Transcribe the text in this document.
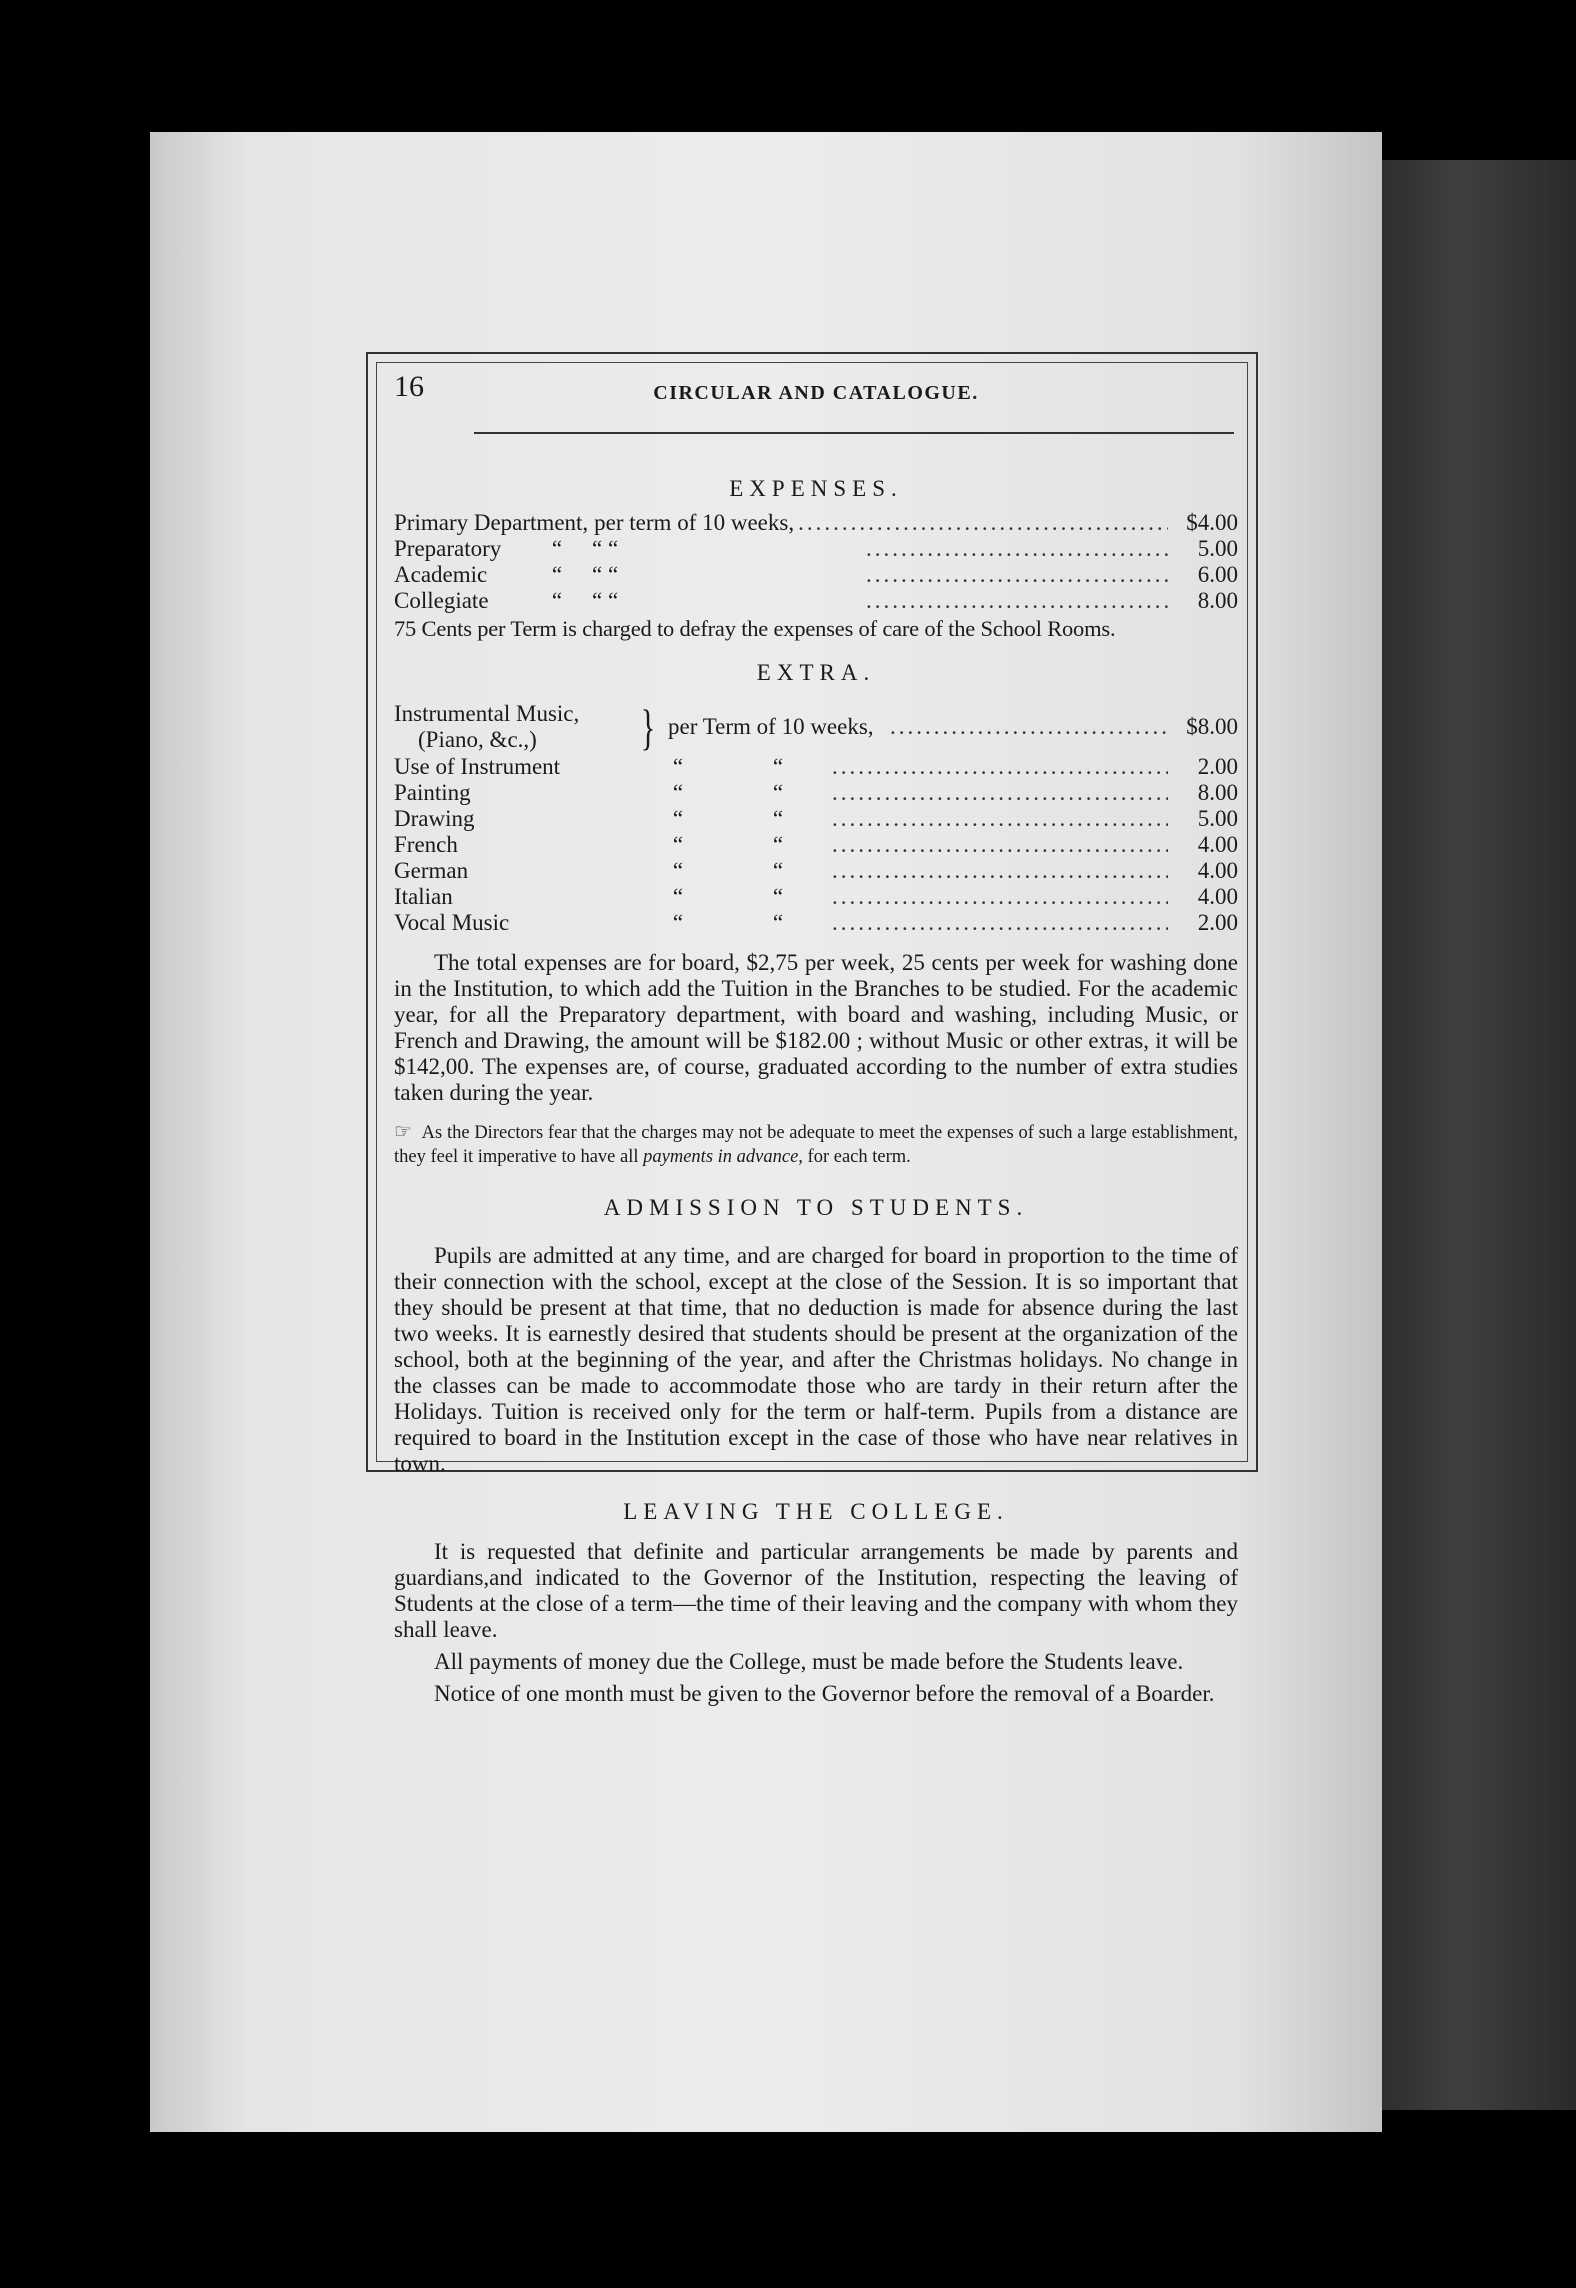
16	CIRCULAR AND CATALOGUE.
EXPENSES.
Primary Department, per term of 10 weeks, .....	$4.00
Preparatory	“	“ “ .....	5.00
Academic	“	“ “ .....	6.00
Collegiate	“	“ “ .....	8.00
75 Cents per Term is charged to defray the expenses of care of the School Rooms.
EXTRA.
Instrumental Music,
(Piano, &c.,)	} per Term of 10 weeks, .....	$8.00
Use of Instrument	“	“ .....	2.00
Painting	“	“ .....	8.00
Drawing	“	“ .....	5.00
French	“	“ .....	4.00
German	“	“ .....	4.00
Italian	“	“ .....	4.00
Vocal Music	“	“ .....	2.00

The total expenses are for board, $2,75 per week, 25 cents per week for washing done in the Institution, to which add the Tuition in the Branches to be studied. For the academic year, for all the Preparatory department, with board and washing, including Music, or French and Drawing, the amount will be $182.00 ; without Music or other extras, it will be $142,00. The expenses are, of course, graduated according to the number of extra studies taken during the year.

☞ As the Directors fear that the charges may not be adequate to meet the expenses of such a large establishment, they feel it imperative to have all payments in advance, for each term.
ADMISSION TO STUDENTS.

Pupils are admitted at any time, and are charged for board in proportion to the time of their connection with the school, except at the close of the Session. It is so important that they should be present at that time, that no deduction is made for absence during the last two weeks. It is earnestly desired that students should be present at the organization of the school, both at the beginning of the year, and after the Christmas holidays. No change in the classes can be made to accommodate those who are tardy in their return after the Holidays. Tuition is received only for the term or half-term. Pupils from a distance are required to board in the Institution except in the case of those who have near relatives in town.

LEAVING THE COLLEGE.

It is requested that definite and particular arrangements be made by parents and guardians,and indicated to the Governor of the Institution, respecting the leaving of Students at the close of a term—the time of their leaving and the company with whom they shall leave.

All payments of money due the College, must be made before the Students leave.

Notice of one month must be given to the Governor before the removal of a Boarder.
